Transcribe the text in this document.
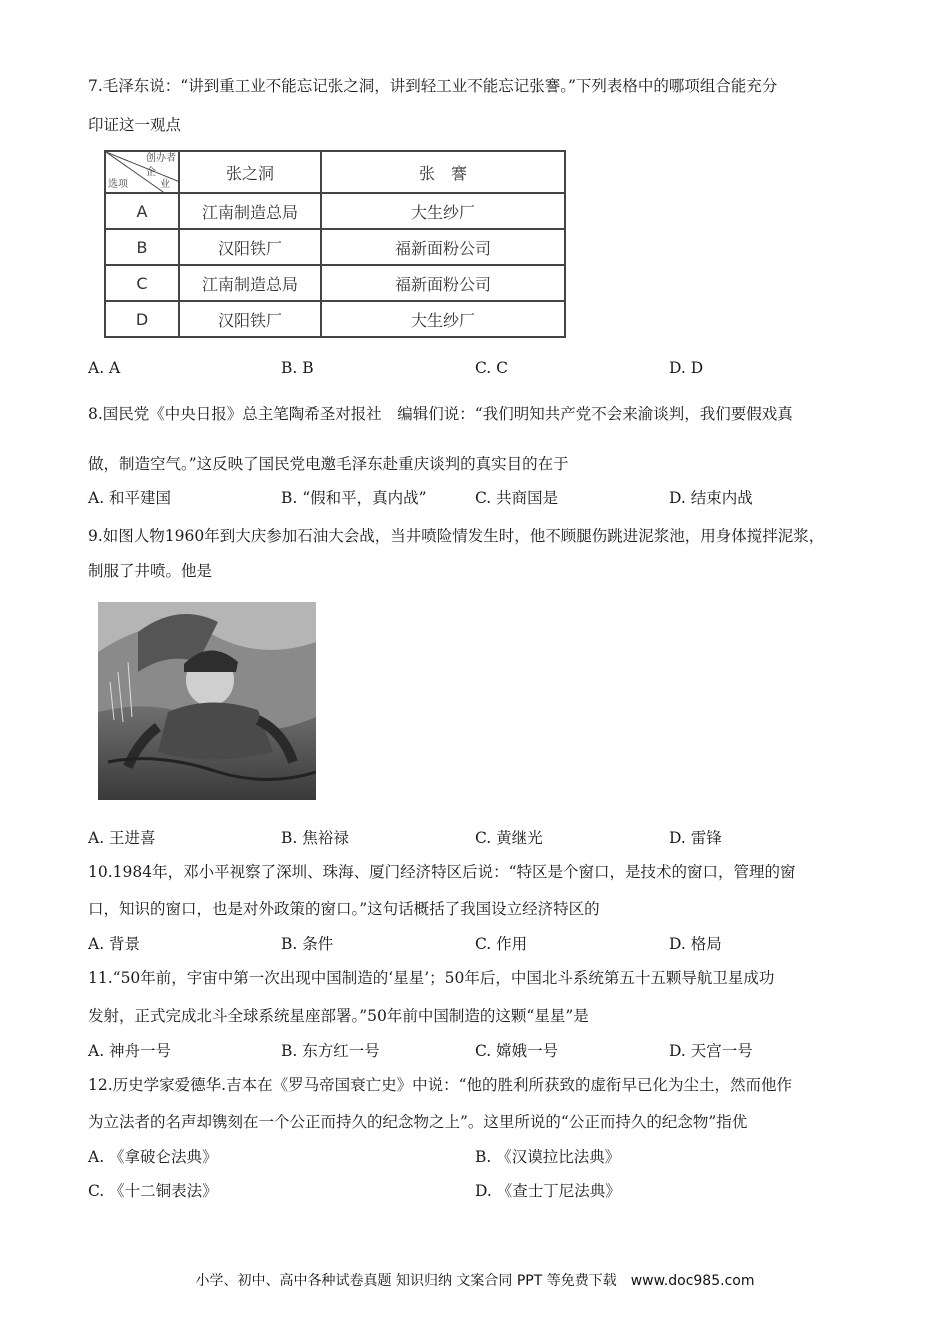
7.毛泽东说：“讲到重工业不能忘记张之洞，讲到轻工业不能忘记张謇。”下列表格中的哪项组合能充分
印证这一观点
创办者
企
业
选项	张之洞	张　謇
A	江南制造总局	大生纱厂
B	汉阳铁厂	福新面粉公司
C	江南制造总局	福新面粉公司
D	汉阳铁厂	大生纱厂
A. A	B. B	C. C	D. D
8.国民党《中央日报》总主笔陶希圣对报社　编辑们说：“我们明知共产党不会来渝谈判，我们要假戏真
做，制造空气。”这反映了国民党电邀毛泽东赴重庆谈判的真实目的在于
A. 和平建国	B. “假和平，真内战”	C. 共商国是	D. 结束内战
9.如图人物1960年到大庆参加石油大会战，当井喷险情发生时，他不顾腿伤跳进泥浆池，用身体搅拌泥浆，
制服了井喷。他是
A. 王进喜	B. 焦裕禄	C. 黄继光	D. 雷锋
10.1984年，邓小平视察了深圳、珠海、厦门经济特区后说：“特区是个窗口，是技术的窗口，管理的窗
口，知识的窗口，也是对外政策的窗口。”这句话概括了我国设立经济特区的
A. 背景	B. 条件	C. 作用	D. 格局
11.“50年前，宇宙中第一次出现中国制造的‘星星’；50年后，中国北斗系统第五十五颗导航卫星成功
发射，正式完成北斗全球系统星座部署。”50年前中国制造的这颗“星星”是
A. 神舟一号	B. 东方红一号	C. 嫦娥一号	D. 天宫一号
12.历史学家爱德华.吉本在《罗马帝国衰亡史》中说：“他的胜利所获致的虚衔早已化为尘土，然而他作
为立法者的名声却镌刻在一个公正而持久的纪念物之上”。这里所说的“公正而持久的纪念物”指优
A. 《拿破仑法典》	B. 《汉谟拉比法典》
C. 《十二铜表法》	D. 《查士丁尼法典》
小学、初中、高中各种试卷真题 知识归纳 文案合同 PPT 等免费下载　www.doc985.com
